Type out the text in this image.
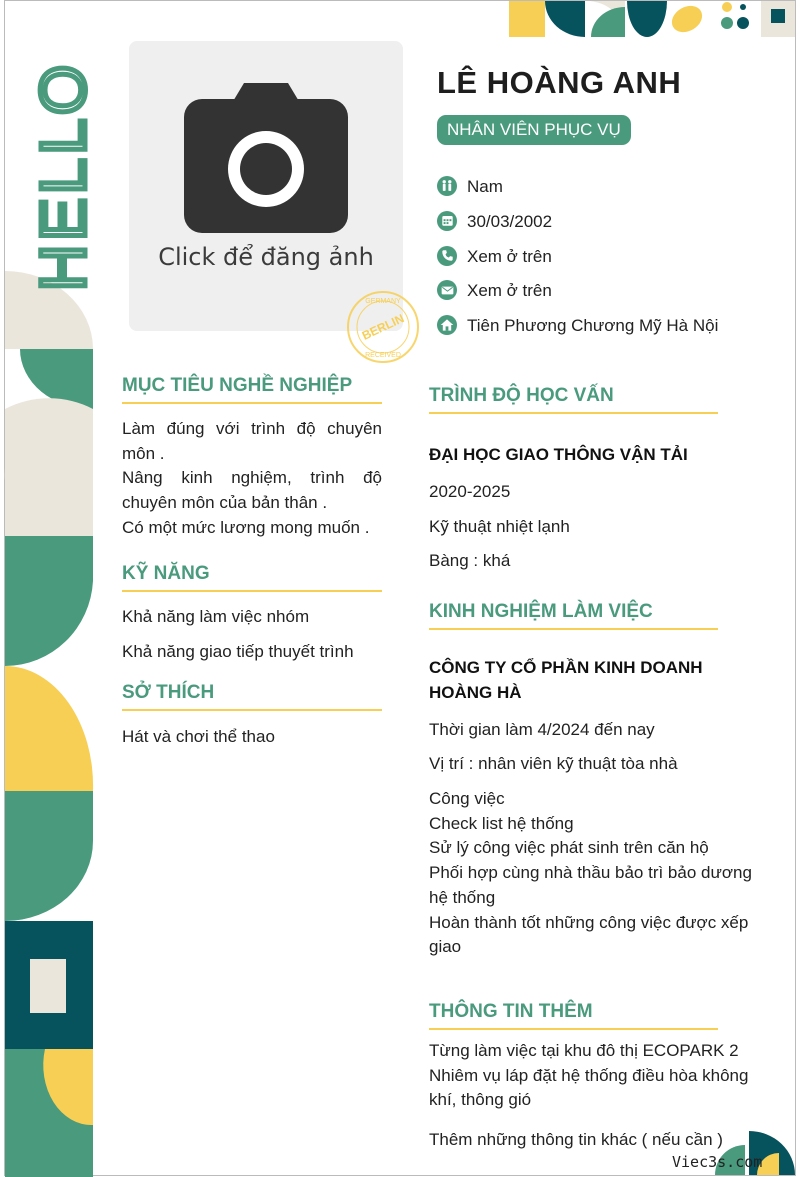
HELLO	Click để đăng ảnh
GERMANY
BERLIN
RECEIVED
LÊ HOÀNG ANH
NHÂN VIÊN PHỤC VỤ
Nam
30/03/2002
Xem ở trên
Xem ở trên
Tiên Phương Chương Mỹ Hà Nội
MỤC TIÊU NGHỀ NGHIỆP

Làm đúng với trình độ chuyên môn .
Nâng kinh nghiệm, trình độ chuyên môn của bản thân .
Có một mức lương mong muốn .

KỸ NĂNG

Khả năng làm việc nhóm

Khả năng giao tiếp thuyết trình

SỞ THÍCH

Hát và chơi thể thao

TRÌNH ĐỘ HỌC VẤN

ĐẠI HỌC GIAO THÔNG VẬN TẢI

2020-2025

Kỹ thuật nhiệt lạnh

Bàng : khá

KINH NGHIỆM LÀM VIỆC

CÔNG TY CỔ PHẦN KINH DOANH HOÀNG HÀ

Thời gian làm 4/2024 đến nay

Vị trí : nhân viên kỹ thuật tòa nhà

Công việc
Check list hệ thống
Sử lý công việc phát sinh trên căn hộ
Phối hợp cùng nhà thầu bảo trì bảo dương hệ thống
Hoàn thành tốt những công việc được xếp giao
THÔNG TIN THÊM
Từng làm việc tại khu đô thị ECOPARK 2
Nhiêm vụ láp đặt hệ thống điều hòa không khí, thông gió

Thêm những thông tin khác ( nếu cần )

Viec3s.com
